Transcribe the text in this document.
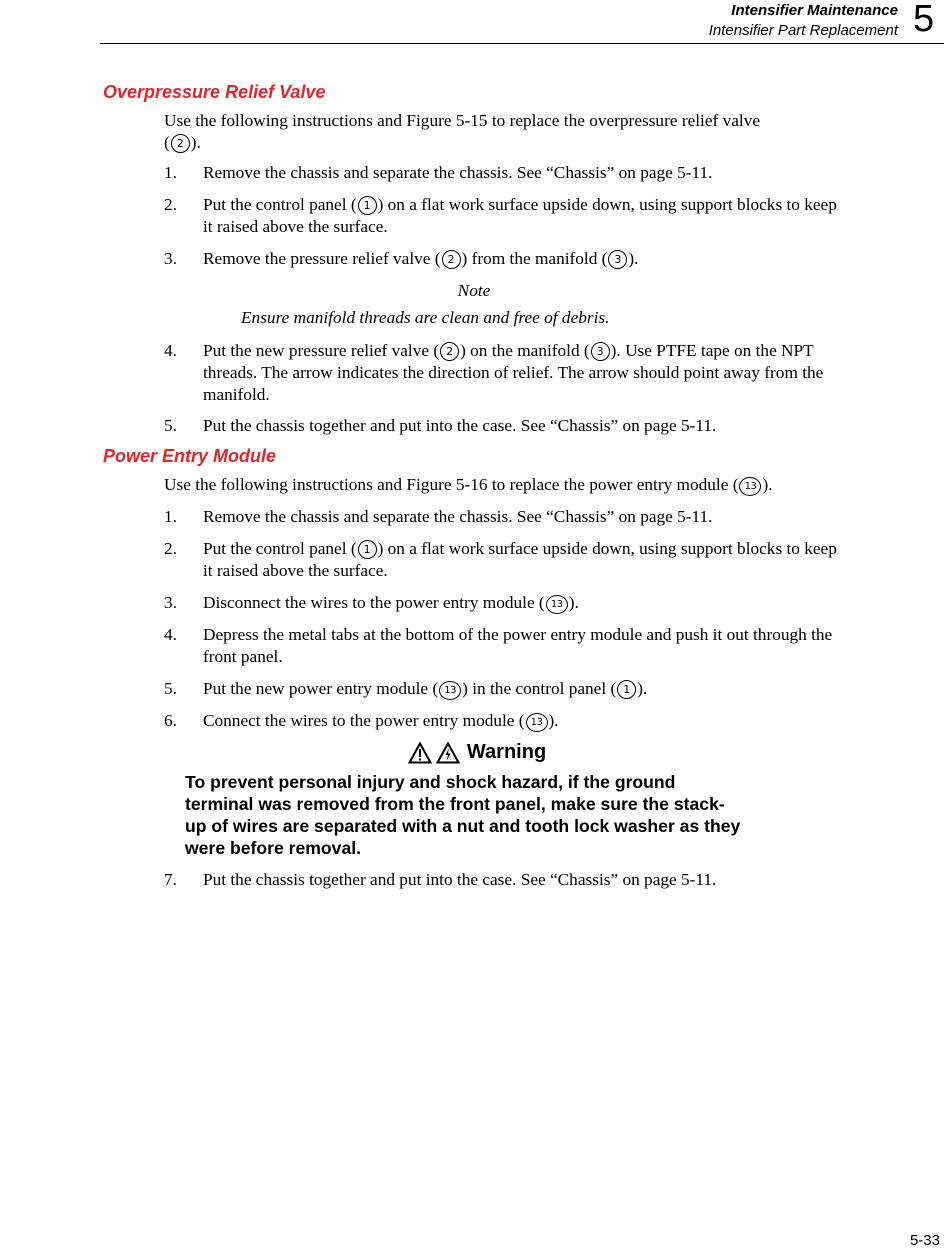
Intensifier Maintenance
Intensifier Part Replacement 5
Overpressure Relief Valve
Use the following instructions and Figure 5-15 to replace the overpressure relief valve
( 2 ).
1. Remove the chassis and separate the chassis. See “Chassis” on page 5-11.
2. Put the control panel ( 1 ) on a flat work surface upside down, using support blocks to keep it raised above the surface.
3. Remove the pressure relief valve ( 2 ) from the manifold ( 3 ).
Note
Ensure manifold threads are clean and free of debris.
4. Put the new pressure relief valve ( 2 ) on the manifold ( 3 ). Use PTFE tape on the NPT threads. The arrow indicates the direction of relief. The arrow should point away from the manifold.
5. Put the chassis together and put into the case. See “Chassis” on page 5-11.
Power Entry Module
Use the following instructions and Figure 5-16 to replace the power entry module ( 13 ).
1. Remove the chassis and separate the chassis. See “Chassis” on page 5-11.
2. Put the control panel ( 1 ) on a flat work surface upside down, using support blocks to keep it raised above the surface.
3. Disconnect the wires to the power entry module ( 13 ).
4. Depress the metal tabs at the bottom of the power entry module and push it out through the front panel.
5. Put the new power entry module ( 13 ) in the control panel ( 1 ).
6. Connect the wires to the power entry module ( 13 ).
Warning
To prevent personal injury and shock hazard, if the ground terminal was removed from the front panel, make sure the stack-up of wires are separated with a nut and tooth lock washer as they were before removal.
7. Put the chassis together and put into the case. See “Chassis” on page 5-11.
5-33
